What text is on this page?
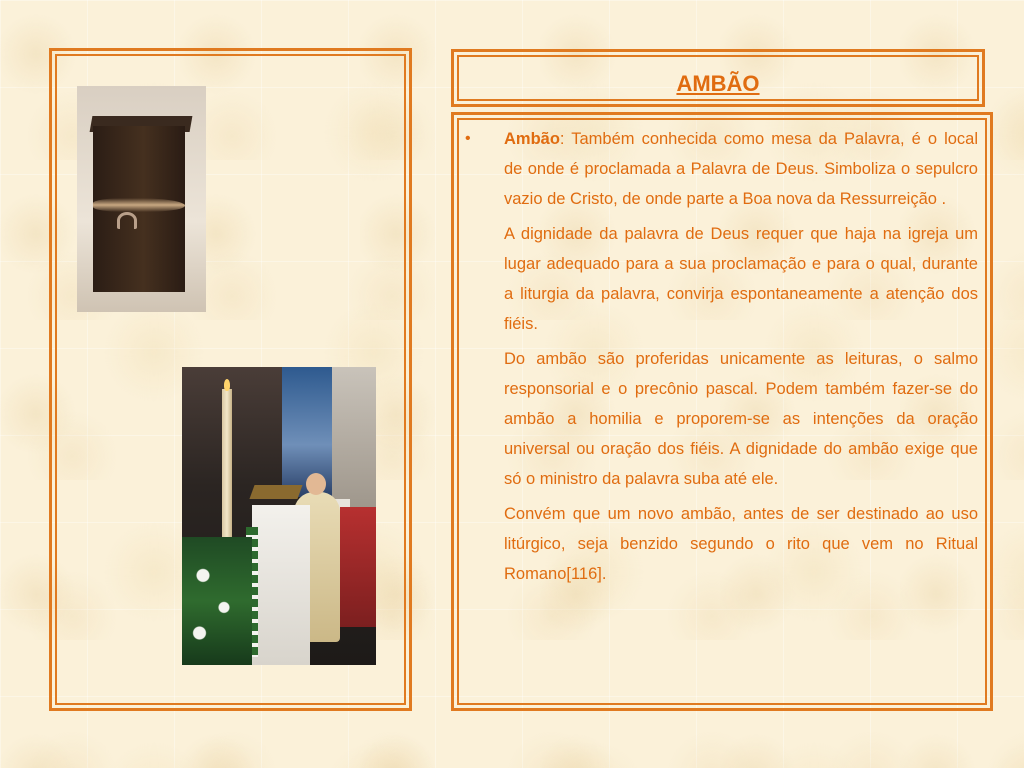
AMBÃO
• Ambão: Também conhecida como mesa da Palavra, é o local de onde é proclamada a Palavra de Deus. Simboliza o sepulcro vazio de Cristo, de onde parte a Boa nova da Ressurreição .

A dignidade da palavra de Deus requer que haja na igreja um lugar adequado para a sua proclamação e para o qual, durante a liturgia da palavra, convirja espontaneamente a atenção dos fiéis.

Do ambão são proferidas unicamente as leituras, o salmo responsorial e o precônio pascal. Podem também fazer-se do ambão a homilia e proporem-se as intenções da oração universal ou oração dos fiéis. A dignidade do ambão exige que só o ministro da palavra suba até ele.

Convém que um novo ambão, antes de ser destinado ao uso litúrgico, seja benzido segundo o rito que vem no Ritual Romano[116].
